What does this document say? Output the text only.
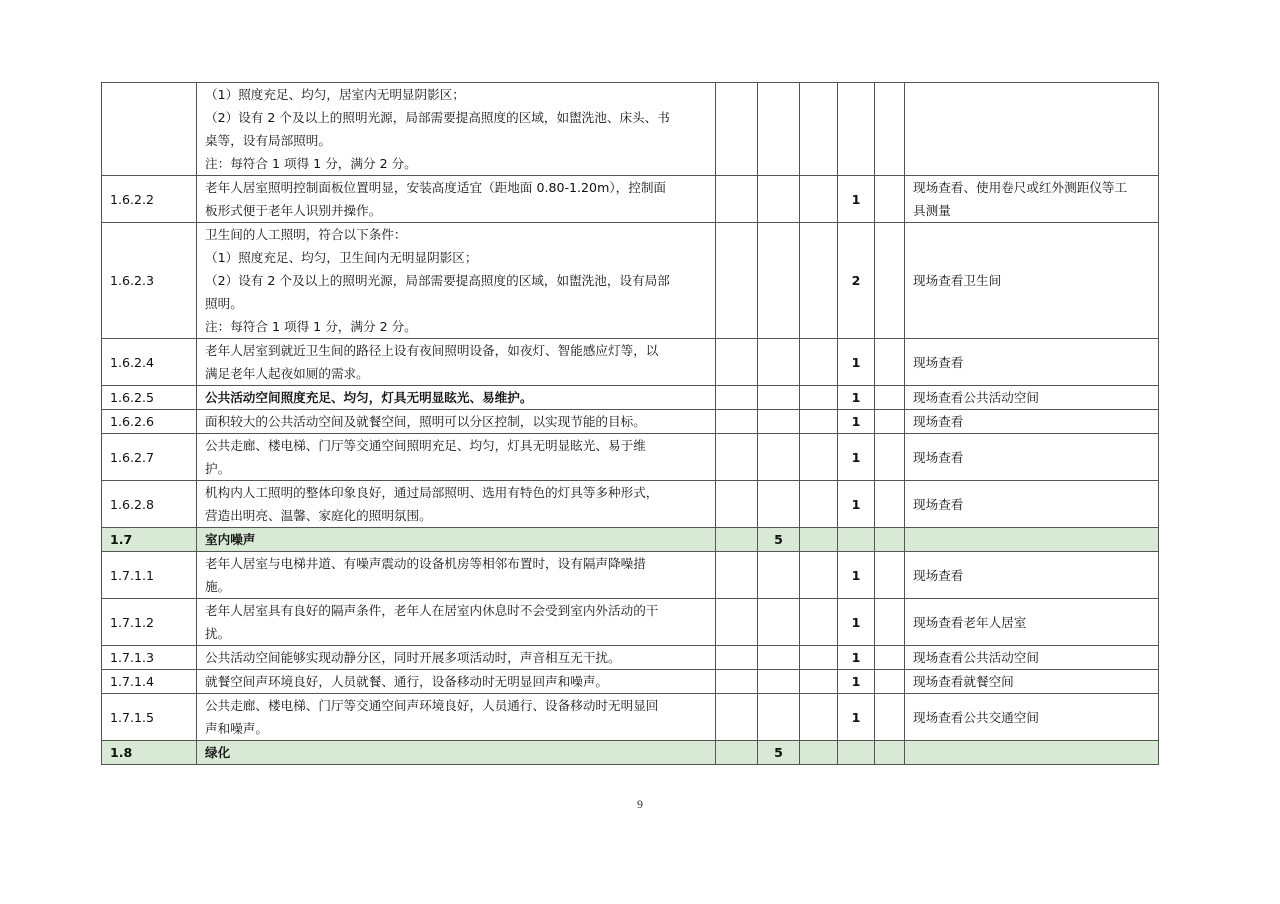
	（1）照度充足、均匀，居室内无明显阴影区；
（2）设有 2 个及以上的照明光源，局部需要提高照度的区域，如盥洗池、床头、书
桌等，设有局部照明。
注：每符合 1 项得 1 分，满分 2 分。						

1.6.2.2	老年人居室照明控制面板位置明显，安装高度适宜（距地面 0.80-1.20m），控制面
板形式便于老年人识别并操作。				1		现场查看、使用卷尺或红外测距仪等工
具测量

1.6.2.3	卫生间的人工照明，符合以下条件：
（1）照度充足、均匀，卫生间内无明显阴影区；
（2）设有 2 个及以上的照明光源，局部需要提高照度的区域，如盥洗池，设有局部
照明。
注：每符合 1 项得 1 分，满分 2 分。				2		现场查看卫生间

1.6.2.4	老年人居室到就近卫生间的路径上设有夜间照明设备，如夜灯、智能感应灯等，以
满足老年人起夜如厕的需求。				1		现场查看

1.6.2.5	公共活动空间照度充足、均匀，灯具无明显眩光、易维护。				1		现场查看公共活动空间

1.6.2.6	面积较大的公共活动空间及就餐空间，照明可以分区控制，以实现节能的目标。				1		现场查看

1.6.2.7	公共走廊、楼电梯、门厅等交通空间照明充足、均匀，灯具无明显眩光、易于维
护。				1		现场查看

1.6.2.8	机构内人工照明的整体印象良好，通过局部照明、选用有特色的灯具等多种形式，
营造出明亮、温馨、家庭化的照明氛围。				1		现场查看

1.7	室内噪声		5				
1.7.1.1	老年人居室与电梯井道、有噪声震动的设备机房等相邻布置时，设有隔声降噪措
施。				1		现场查看

1.7.1.2	老年人居室具有良好的隔声条件，老年人在居室内休息时不会受到室内外活动的干
扰。				1		现场查看老年人居室

1.7.1.3	公共活动空间能够实现动静分区，同时开展多项活动时，声音相互无干扰。				1		现场查看公共活动空间

1.7.1.4	就餐空间声环境良好，人员就餐、通行，设备移动时无明显回声和噪声。				1		现场查看就餐空间

1.7.1.5	公共走廊、楼电梯、门厅等交通空间声环境良好，人员通行、设备移动时无明显回
声和噪声。				1		现场查看公共交通空间

1.8	绿化		5				
9
